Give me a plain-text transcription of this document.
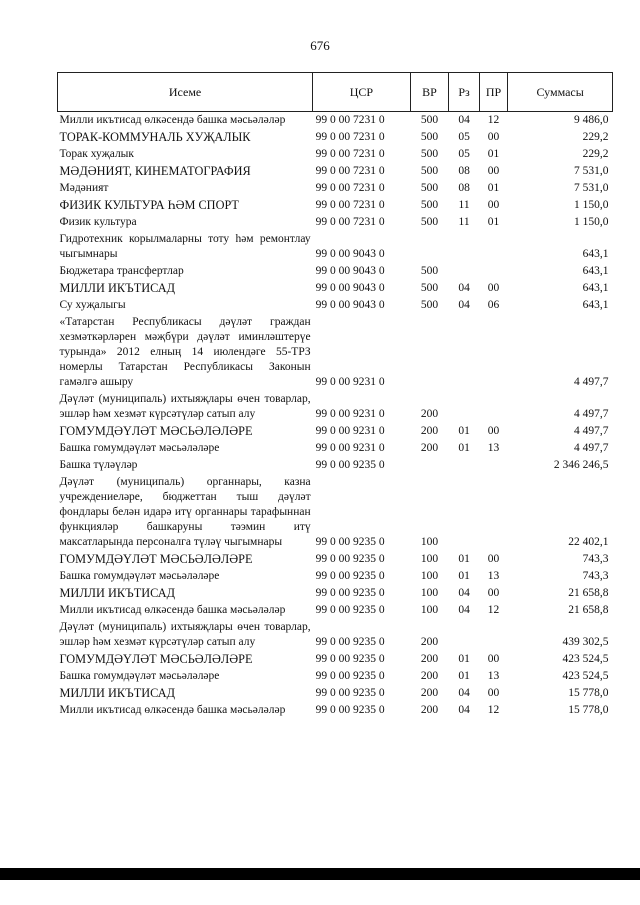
676
Исеме	ЦСР	ВР	Рз	ПР	Суммасы
Милли икътисад өлкәсендә башка мәсьәләләр	99 0 00 7231 0	500	04	12	9 486,0
ТОРАК-КОММУНАЛЬ ХУҖАЛЫК	99 0 00 7231 0	500	05	00	229,2
Торак хуҗалык	99 0 00 7231 0	500	05	01	229,2
МӘДӘНИЯТ, КИНЕМАТОГРАФИЯ	99 0 00 7231 0	500	08	00	7 531,0
Мәдәният	99 0 00 7231 0	500	08	01	7 531,0
ФИЗИК КУЛЬТУРА ҺӘМ СПОРТ	99 0 00 7231 0	500	11	00	1 150,0
Физик культура	99 0 00 7231 0	500	11	01	1 150,0
Гидротехник корылмаларны тоту һәм ремонтлау чыгымнары	99 0 00 9043 0				643,1
Бюджетара трансфертлар	99 0 00 9043 0	500			643,1
МИЛЛИ ИКЪТИСАД	99 0 00 9043 0	500	04	00	643,1
Су хуҗалыгы	99 0 00 9043 0	500	04	06	643,1
«Татарстан Республикасы дәүләт граждан хезмәткәрләрен мәҗбүри дәүләт иминләштерүе турында» 2012 елның 14 июлендәге 55-ТРЗ номерлы Татарстан Республикасы Законын гамәлгә ашыру	99 0 00 9231 0				4 497,7
Дәүләт (муниципаль) ихтыяҗлары өчен товарлар, эшләр һәм хезмәт күрсәтүләр сатып алу	99 0 00 9231 0	200			4 497,7
ГОМУМДӘҮЛӘТ МӘСЬӘЛӘЛӘРЕ	99 0 00 9231 0	200	01	00	4 497,7
Башка гомумдәүләт мәсьәләләре	99 0 00 9231 0	200	01	13	4 497,7
Башка түләүләр	99 0 00 9235 0				2 346 246,5
Дәүләт (муниципаль) органнары, казна учреждениеләре, бюджеттан тыш дәүләт фондлары белән идарә итү органнары тарафыннан функцияләр башкаруны тәэмин итү максатларында персоналга түләү чыгымнары	99 0 00 9235 0	100			22 402,1
ГОМУМДӘҮЛӘТ МӘСЬӘЛӘЛӘРЕ	99 0 00 9235 0	100	01	00	743,3
Башка гомумдәүләт мәсьәләләре	99 0 00 9235 0	100	01	13	743,3
МИЛЛИ ИКЪТИСАД	99 0 00 9235 0	100	04	00	21 658,8
Милли икътисад өлкәсендә башка мәсьәләләр	99 0 00 9235 0	100	04	12	21 658,8
Дәүләт (муниципаль) ихтыяҗлары өчен товарлар, эшләр һәм хезмәт күрсәтүләр сатып алу	99 0 00 9235 0	200			439 302,5
ГОМУМДӘҮЛӘТ МӘСЬӘЛӘЛӘРЕ	99 0 00 9235 0	200	01	00	423 524,5
Башка гомумдәүләт мәсьәләләре	99 0 00 9235 0	200	01	13	423 524,5
МИЛЛИ ИКЪТИСАД	99 0 00 9235 0	200	04	00	15 778,0
Милли икътисад өлкәсендә башка мәсьәләләр	99 0 00 9235 0	200	04	12	15 778,0
